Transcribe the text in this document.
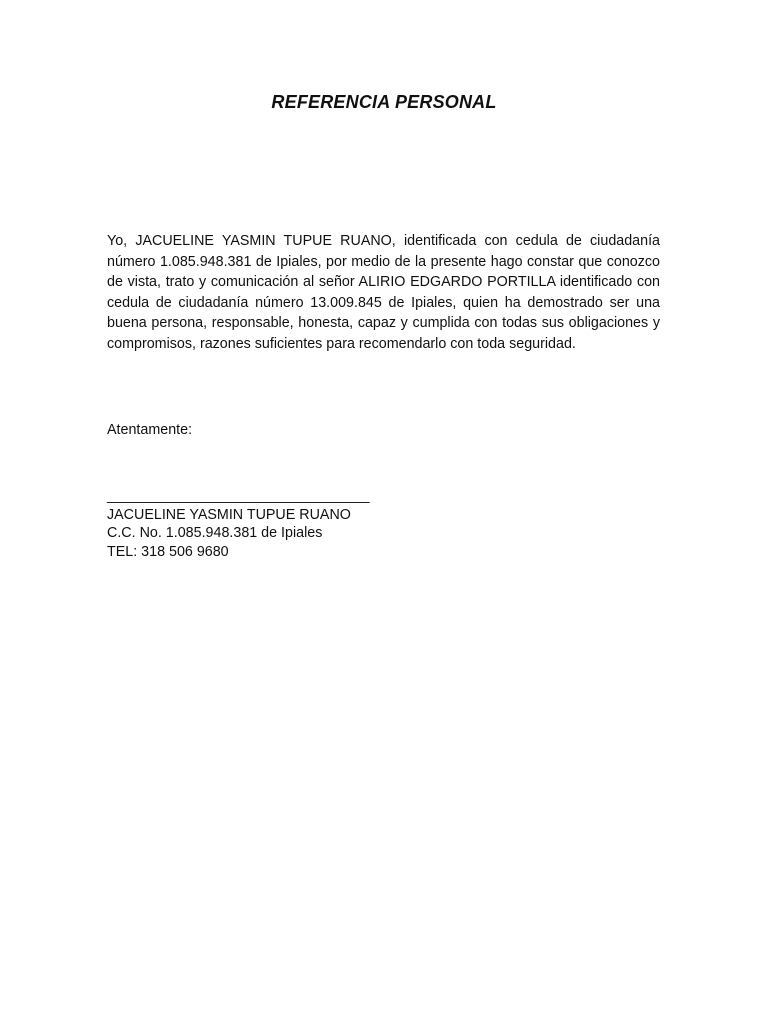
REFERENCIA PERSONAL
Yo, JACUELINE YASMIN TUPUE RUANO, identificada con cedula de ciudadanía número 1.085.948.381 de Ipiales, por medio de la presente hago constar que conozco  de vista, trato y comunicación al señor ALIRIO EDGARDO PORTILLA identificado con cedula de ciudadanía número 13.009.845 de Ipiales, quien ha demostrado ser una buena persona, responsable, honesta, capaz y cumplida con todas sus obligaciones y compromisos, razones suficientes para recomendarlo con toda seguridad.
Atentamente:
_________________________________
JACUELINE YASMIN TUPUE RUANO
C.C. No. 1.085.948.381 de Ipiales
TEL: 318 506 9680
